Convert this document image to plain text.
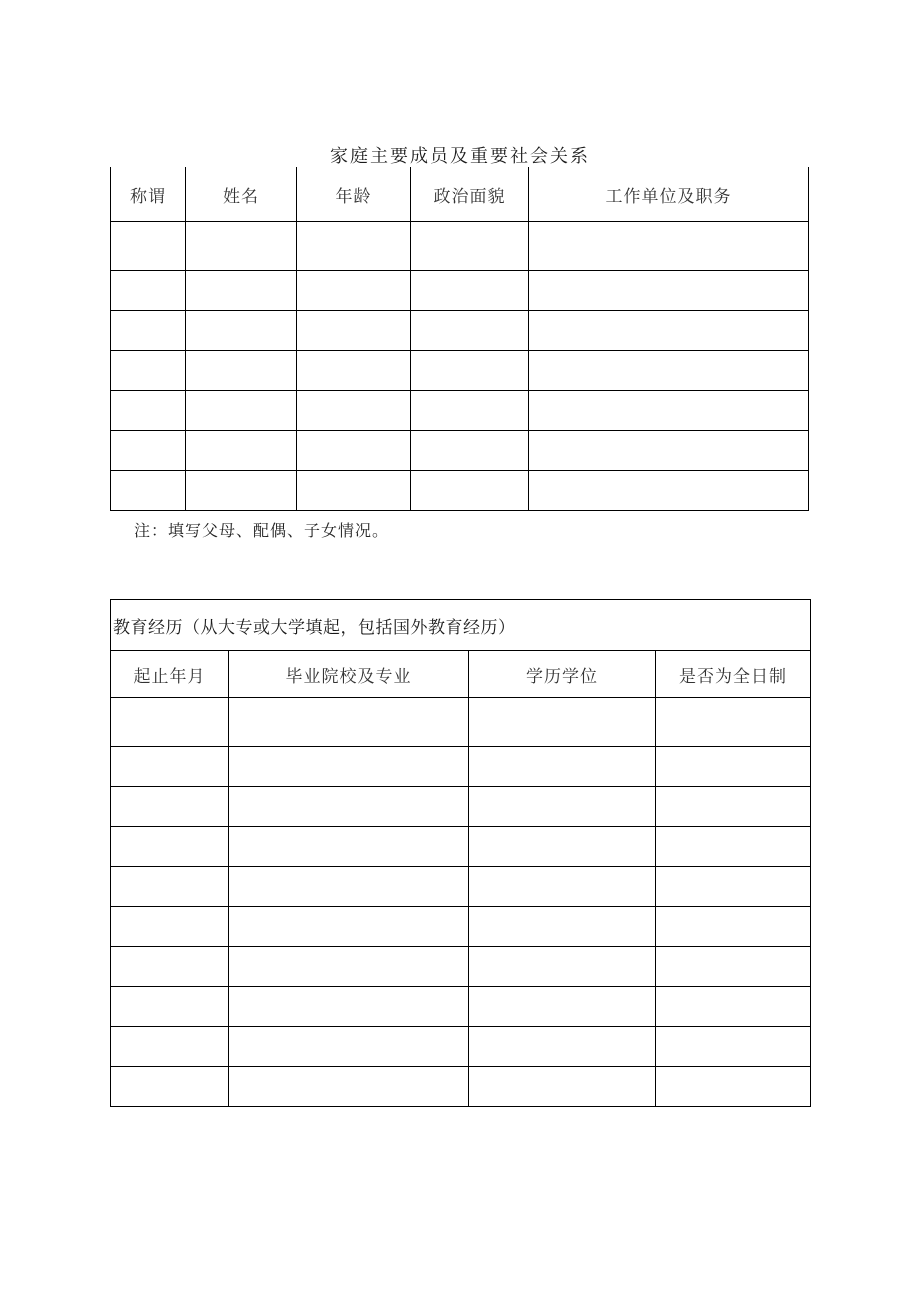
家庭主要成员及重要社会关系
称谓	姓名	年龄	政治面貌	工作单位及职务

注：填写父母、配偶、子女情况。
教育经历（从大专或大学填起，包括国外教育经历）			
起止年月	毕业院校及专业	学历学位	是否为全日制
